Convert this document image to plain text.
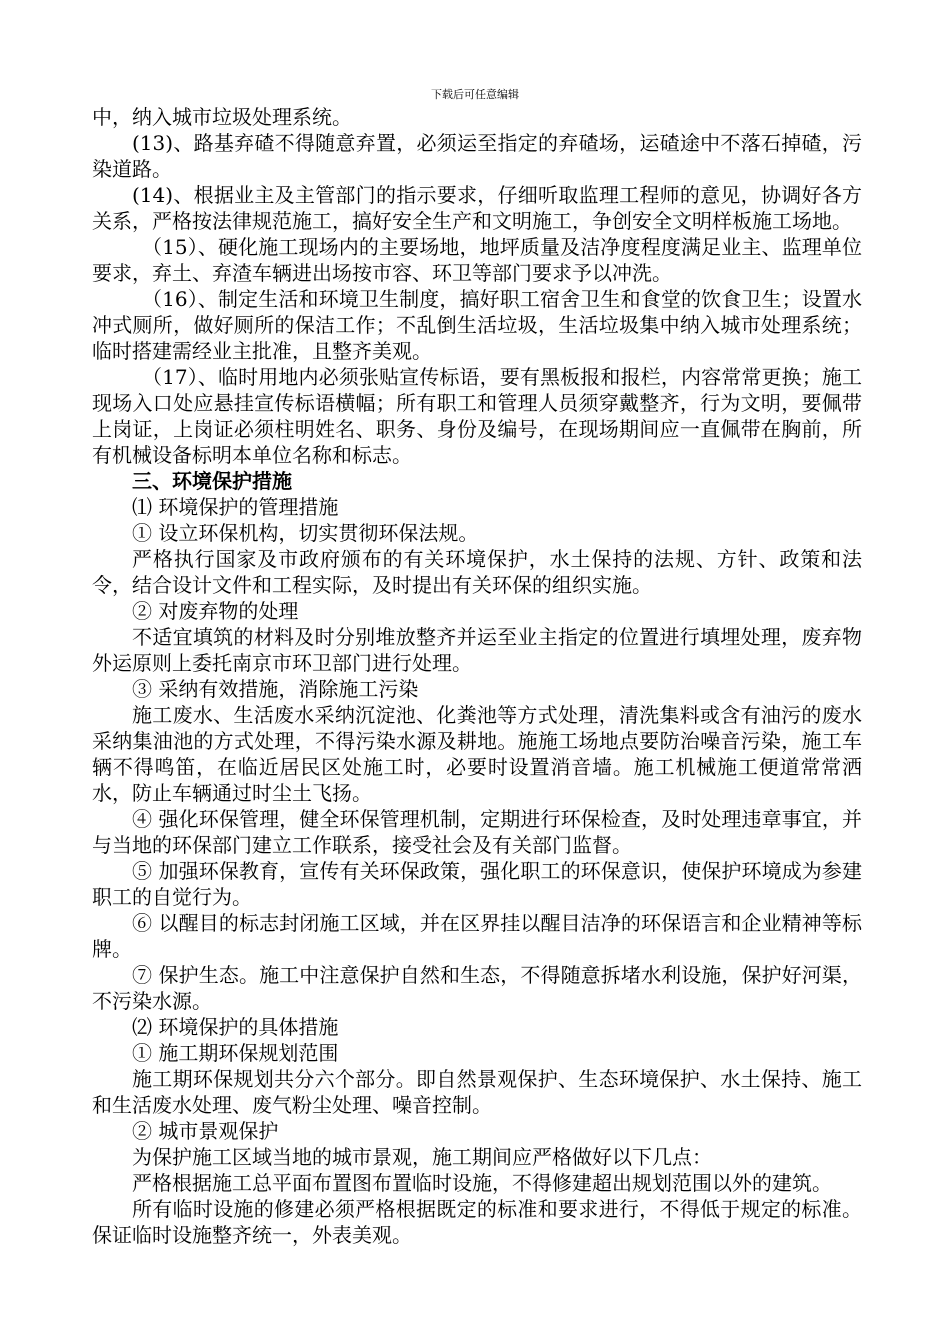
下载后可任意编辑

中，纳入城市垃圾处理系统。

(13)、路基弃碴不得随意弃置，必须运至指定的弃碴场，运碴途中不落石掉碴，污染道路。

(14)、根据业主及主管部门的指示要求，仔细听取监理工程师的意见，协调好各方关系，严格按法律规范施工，搞好安全生产和文明施工，争创安全文明样板施工场地。

（15）、硬化施工现场内的主要场地，地坪质量及洁净度程度满足业主、监理单位要求，弃土、弃渣车辆进出场按市容、环卫等部门要求予以冲洗。

（16）、制定生活和环境卫生制度，搞好职工宿舍卫生和食堂的饮食卫生；设置水冲式厕所，做好厕所的保洁工作；不乱倒生活垃圾，生活垃圾集中纳入城市处理系统；临时搭建需经业主批准，且整齐美观。

（17）、临时用地内必须张贴宣传标语，要有黑板报和报栏，内容常常更换；施工现场入口处应悬挂宣传标语横幅；所有职工和管理人员须穿戴整齐，行为文明，要佩带上岗证，上岗证必须柱明姓名、职务、身份及编号，在现场期间应一直佩带在胸前，所有机械设备标明本单位名称和标志。

三、环境保护措施

⑴ 环境保护的管理措施

① 设立环保机构，切实贯彻环保法规。

严格执行国家及市政府颁布的有关环境保护，水土保持的法规、方针、政策和法令，结合设计文件和工程实际，及时提出有关环保的组织实施。

② 对废弃物的处理

不适宜填筑的材料及时分别堆放整齐并运至业主指定的位置进行填埋处理，废弃物外运原则上委托南京市环卫部门进行处理。

③ 采纳有效措施，消除施工污染

施工废水、生活废水采纳沉淀池、化粪池等方式处理，清洗集料或含有油污的废水采纳集油池的方式处理，不得污染水源及耕地。施施工场地点要防治噪音污染，施工车辆不得鸣笛，在临近居民区处施工时，必要时设置消音墙。施工机械施工便道常常洒水，防止车辆通过时尘土飞扬。

④ 强化环保管理，健全环保管理机制，定期进行环保检查，及时处理违章事宜，并与当地的环保部门建立工作联系，接受社会及有关部门监督。

⑤ 加强环保教育，宣传有关环保政策，强化职工的环保意识，使保护环境成为参建职工的自觉行为。

⑥ 以醒目的标志封闭施工区域，并在区界挂以醒目洁净的环保语言和企业精神等标牌。

⑦ 保护生态。施工中注意保护自然和生态，不得随意拆堵水利设施，保护好河渠，不污染水源。

⑵ 环境保护的具体措施

① 施工期环保规划范围

施工期环保规划共分六个部分。即自然景观保护、生态环境保护、水土保持、施工和生活废水处理、废气粉尘处理、噪音控制。

② 城市景观保护

为保护施工区域当地的城市景观，施工期间应严格做好以下几点：

严格根据施工总平面布置图布置临时设施，不得修建超出规划范围以外的建筑。

所有临时设施的修建必须严格根据既定的标准和要求进行，不得低于规定的标准。保证临时设施整齐统一，外表美观。
